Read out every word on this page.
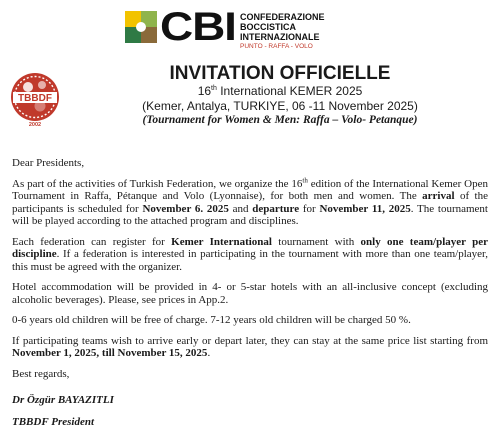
CBI CONFEDERAZIONE
BOCCISTICA
INTERNAZIONALE
PUNTO - RAFFA - VOLO
TBBDF
2002
INVITATION OFFICIELLE
16th International KEMER 2025
(Kemer, Antalya, TURKIYE, 06 -11 November 2025)
(Tournament for Women & Men: Raffa – Volo- Petanque)

Dear Presidents,

As part of the activities of Turkish Federation, we organize the 16th edition of the International Kemer Open Tournament in Raffa, Pétanque and Volo (Lyonnaise), for both men and women. The arrival of the participants is scheduled for November 6. 2025 and departure for November 11, 2025. The tournament will be played according to the attached program and disciplines.

Each federation can register for Kemer International tournament with only one team/player per discipline. If a federation is interested in participating in the tournament with more than one team/player, this must be agreed with the organizer.

Hotel accommodation will be provided in 4- or 5-star hotels with an all-inclusive concept (excluding alcoholic beverages). Please, see prices in App.2.

0-6 years old children will be free of charge. 7-12 years old children will be charged 50 %.

If participating teams wish to arrive early or depart later, they can stay at the same price list starting from November 1, 2025, till November 15, 2025.

Best regards,

Dr Özgür BAYAZITLI
TBBDF President
